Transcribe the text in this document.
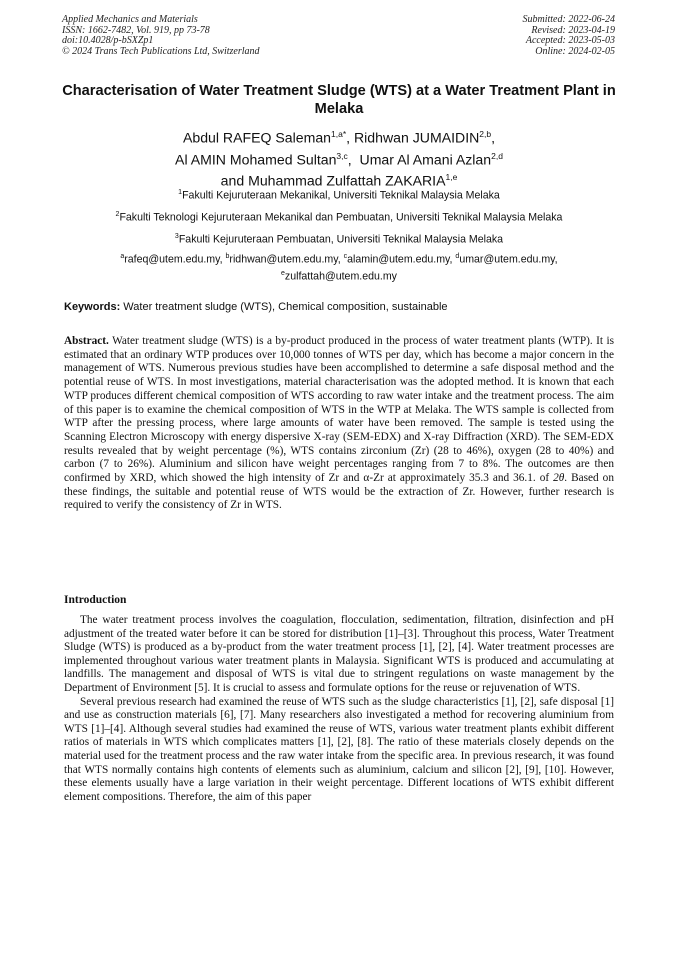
Applied Mechanics and Materials
ISSN: 1662-7482, Vol. 919, pp 73-78
doi:10.4028/p-bSXZp1
© 2024 Trans Tech Publications Ltd, Switzerland
Submitted: 2022-06-24
Revised: 2023-04-19
Accepted: 2023-05-03
Online: 2024-02-05
Characterisation of Water Treatment Sludge (WTS) at a Water Treatment Plant in Melaka
Abdul RAFEQ Saleman$^{1,a*}$, Ridhwan JUMAIDIN$^{2,b}$,
Al AMIN Mohamed Sultan$^{3,c}$,  Umar Al Amani Azlan$^{2,d}$
and Muhammad Zulfattah ZAKARIA$^{1,e}$
$^1$Fakulti Kejuruteraan Mekanikal, Universiti Teknikal Malaysia Melaka
$^2$Fakulti Teknologi Kejuruteraan Mekanikal dan Pembuatan, Universiti Teknikal Malaysia Melaka
$^3$Fakulti Kejuruteraan Pembuatan, Universiti Teknikal Malaysia Melaka
$^a$rafeq@utem.edu.my, $^b$ridhwan@utem.edu.my, $^c$alamin@utem.edu.my, $^d$umar@utem.edu.my,
$^e$zulfattah@utem.edu.my
Keywords: Water treatment sludge (WTS), Chemical composition, sustainable
Abstract. Water treatment sludge (WTS) is a by-product produced in the process of water treatment plants (WTP). It is estimated that an ordinary WTP produces over 10,000 tonnes of WTS per day, which has become a major concern in the management of WTS. Numerous previous studies have been accomplished to determine a safe disposal method and the potential reuse of WTS. In most investigations, material characterisation was the adopted method. It is known that each WTP produces different chemical composition of WTS according to raw water intake and the treatment process. The aim of this paper is to examine the chemical composition of WTS in the WTP at Melaka. The WTS sample is collected from WTP after the pressing process, where large amounts of water have been removed. The sample is tested using the Scanning Electron Microscopy with energy dispersive X-ray (SEM-EDX) and X-ray Diffraction (XRD). The SEM-EDX results revealed that by weight percentage (%), WTS contains zirconium (Zr) (28 to 46%), oxygen (28 to 40%) and carbon (7 to 26%). Aluminium and silicon have weight percentages ranging from 7 to 8%. The outcomes are then confirmed by XRD, which showed the high intensity of Zr and α-Zr at approximately 35.3 and 36.1. of 2θ. Based on these findings, the suitable and potential reuse of WTS would be the extraction of Zr. However, further research is required to verify the consistency of Zr in WTS.
Introduction

The water treatment process involves the coagulation, flocculation, sedimentation, filtration, disinfection and pH adjustment of the treated water before it can be stored for distribution [1]–[3]. Throughout this process, Water Treatment Sludge (WTS) is produced as a by-product from the water treatment process [1], [2], [4]. Water treatment processes are implemented throughout various water treatment plants in Malaysia. Significant WTS is produced and accumulating at landfills. The management and disposal of WTS is vital due to stringent regulations on waste management by the Department of Environment [5]. It is crucial to assess and formulate options for the reuse or rejuvenation of WTS.

Several previous research had examined the reuse of WTS such as the sludge characteristics [1], [2], safe disposal [1] and use as construction materials [6], [7]. Many researchers also investigated a method for recovering aluminium from WTS [1]–[4]. Although several studies had examined the reuse of WTS, various water treatment plants exhibit different ratios of materials in WTS which complicates matters [1], [2], [8]. The ratio of these materials closely depends on the material used for the treatment process and the raw water intake from the specific area. In previous research, it was found that WTS normally contains high contents of elements such as aluminium, calcium and silicon [2], [9], [10]. However, these elements usually have a large variation in their weight percentage. Different locations of WTS exhibit different element compositions. Therefore, the aim of this paper
